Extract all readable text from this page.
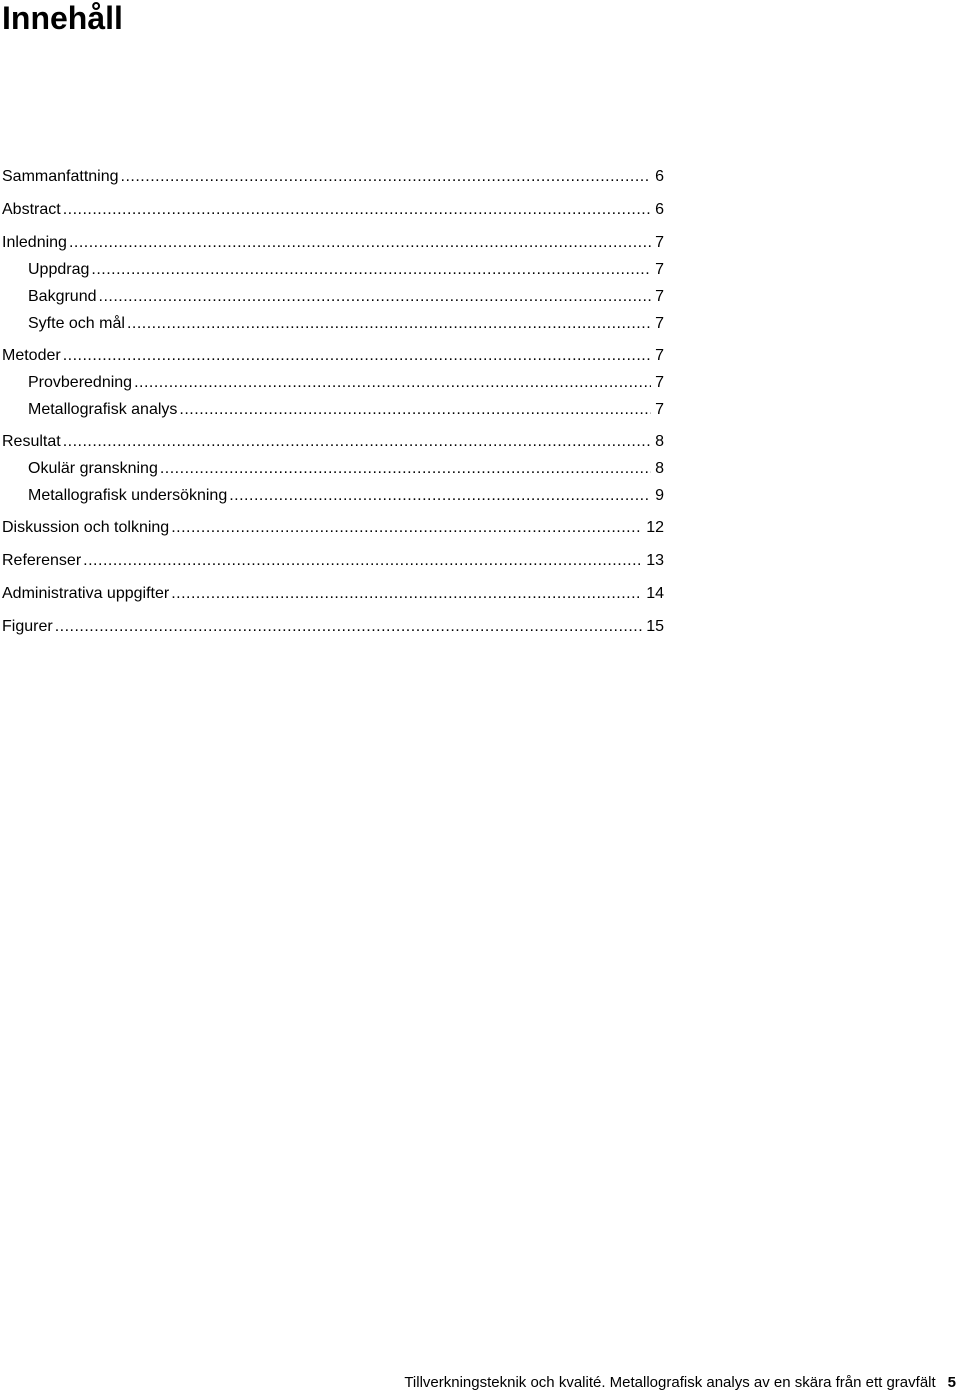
Innehåll
Sammanfattning .....	6
Abstract .....	6
Inledning .....	7
Uppdrag .....	7
Bakgrund .....	7
Syfte och mål .....	7
Metoder .....	7
Provberedning .....	7
Metallografisk analys .....	7
Resultat .....	8
Okulär granskning .....	8
Metallografisk undersökning .....	9
Diskussion och tolkning .....	12
Referenser .....	13
Administrativa uppgifter .....	14
Figurer .....	15
Tillverkningsteknik och kvalité. Metallografisk analys av en skära från ett gravfält 5
